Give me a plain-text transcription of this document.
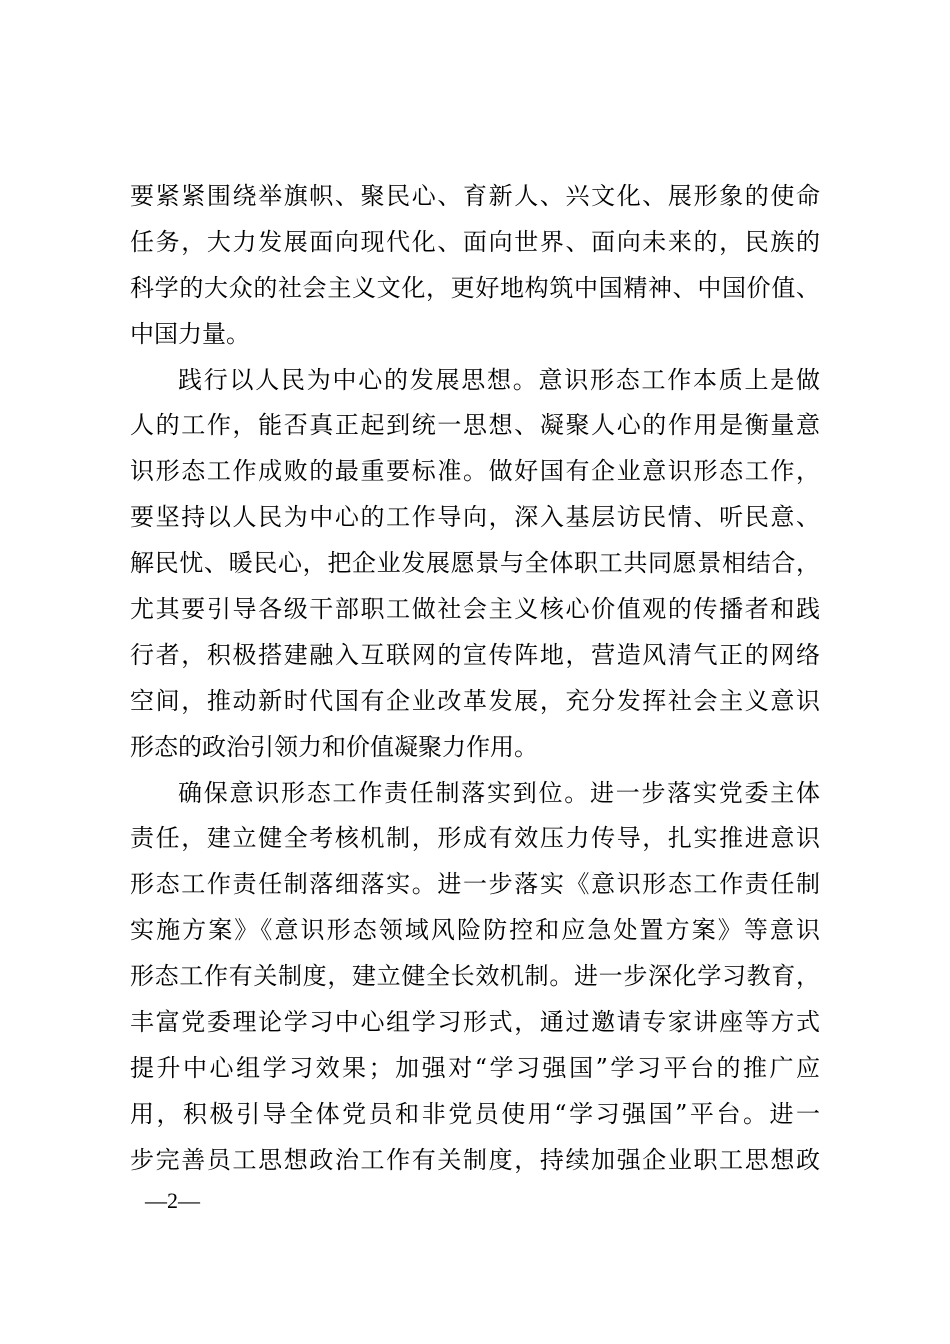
要紧紧围绕举旗帜、聚民心、育新人、兴文化、展形象的使命
任务，大力发展面向现代化、面向世界、面向未来的，民族的
科学的大众的社会主义文化，更好地构筑中国精神、中国价值、
中国力量。
践行以人民为中心的发展思想。意识形态工作本质上是做
人的工作，能否真正起到统一思想、凝聚人心的作用是衡量意
识形态工作成败的最重要标准。做好国有企业意识形态工作，
要坚持以人民为中心的工作导向，深入基层访民情、听民意、
解民忧、暖民心，把企业发展愿景与全体职工共同愿景相结合，
尤其要引导各级干部职工做社会主义核心价值观的传播者和践
行者，积极搭建融入互联网的宣传阵地，营造风清气正的网络
空间，推动新时代国有企业改革发展，充分发挥社会主义意识
形态的政治引领力和价值凝聚力作用。
确保意识形态工作责任制落实到位。进一步落实党委主体
责任，建立健全考核机制，形成有效压力传导，扎实推进意识
形态工作责任制落细落实。进一步落实《意识形态工作责任制
实施方案》《意识形态领域风险防控和应急处置方案》等意识
形态工作有关制度，建立健全长效机制。进一步深化学习教育，
丰富党委理论学习中心组学习形式，通过邀请专家讲座等方式
提升中心组学习效果；加强对“学习强国”学习平台的推广应
用，积极引导全体党员和非党员使用“学习强国”平台。进一
步完善员工思想政治工作有关制度，持续加强企业职工思想政
—2—
